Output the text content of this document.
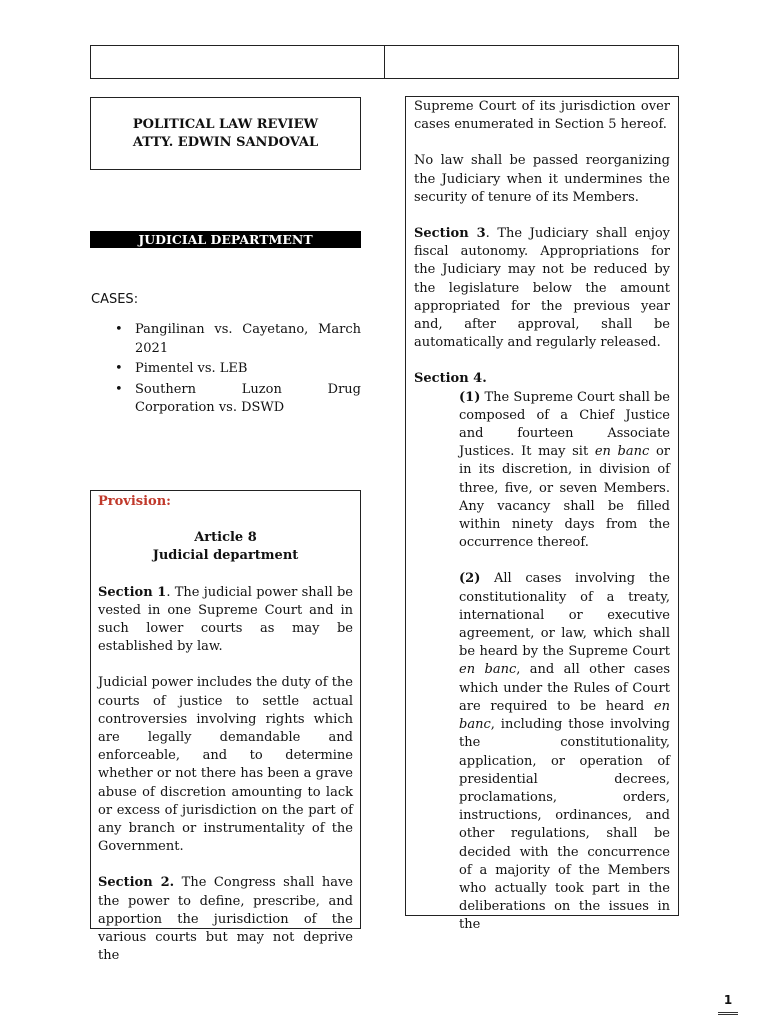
POLITICAL LAW REVIEW
ATTY. EDWIN SANDOVAL
JUDICIAL DEPARTMENT
CASES:
• Pangilinan vs. Cayetano, March 2021
• Pimentel vs. LEB
• Southern Luzon Drug Corporation vs. DSWD
Provision:
Article 8
Judicial department

Section 1. The judicial power shall be vested in one Supreme Court and in such lower courts as may be established by law.

Judicial power includes the duty of the courts of justice to settle actual controversies involving rights which are legally demandable and enforceable, and to determine whether or not there has been a grave abuse of discretion amounting to lack or excess of jurisdiction on the part of any branch or instrumentality of the Government.

Section 2. The Congress shall have the power to define, prescribe, and apportion the jurisdiction of the various courts but may not deprive the

Supreme Court of its jurisdiction over cases enumerated in Section 5 hereof.

No law shall be passed reorganizing the Judiciary when it undermines the security of tenure of its Members.

Section 3. The Judiciary shall enjoy fiscal autonomy. Appropriations for the Judiciary may not be reduced by the legislature below the amount appropriated for the previous year and, after approval, shall be automatically and regularly released.

Section 4.

(1) The Supreme Court shall be composed of a Chief Justice and fourteen Associate Justices. It may sit en banc or in its discretion, in division of three, five, or seven Members. Any vacancy shall be filled within ninety days from the occurrence thereof.

(2) All cases involving the constitutionality of a treaty, international or executive agreement, or law, which shall be heard by the Supreme Court en banc, and all other cases which under the Rules of Court are required to be heard en banc, including those involving the constitutionality, application, or operation of presidential decrees, proclamations, orders, instructions, ordinances, and other regulations, shall be decided with the concurrence of a majority of the Members who actually took part in the deliberations on the issues in the

1
